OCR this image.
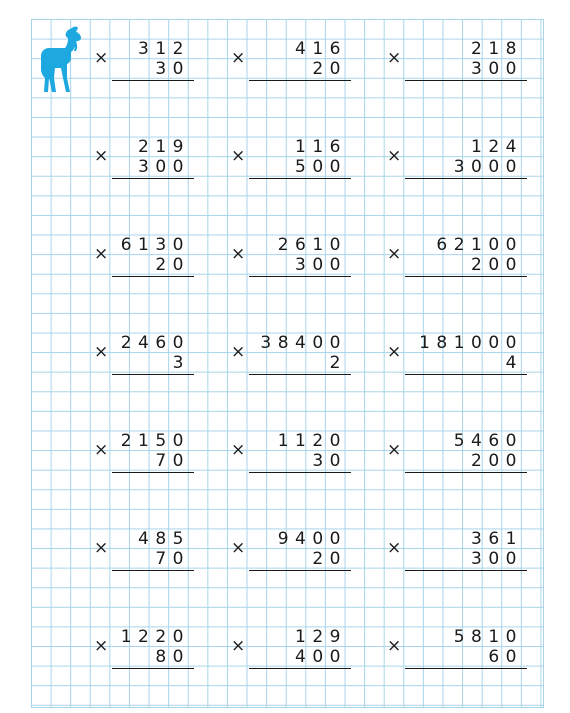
× 312
30
×	416
20
×	218
300
× 219
300
×	116
500
×	124
3000
× 6130
20
× 2610
300
× 62100
200
× 2460
3
× 38400
2
× 181000
4
× 2150
70
× 1120
30
×	5460
200
× 485
70
× 9400
20
×	361
300
× 1220
80
×	129
400
×	5810
60
